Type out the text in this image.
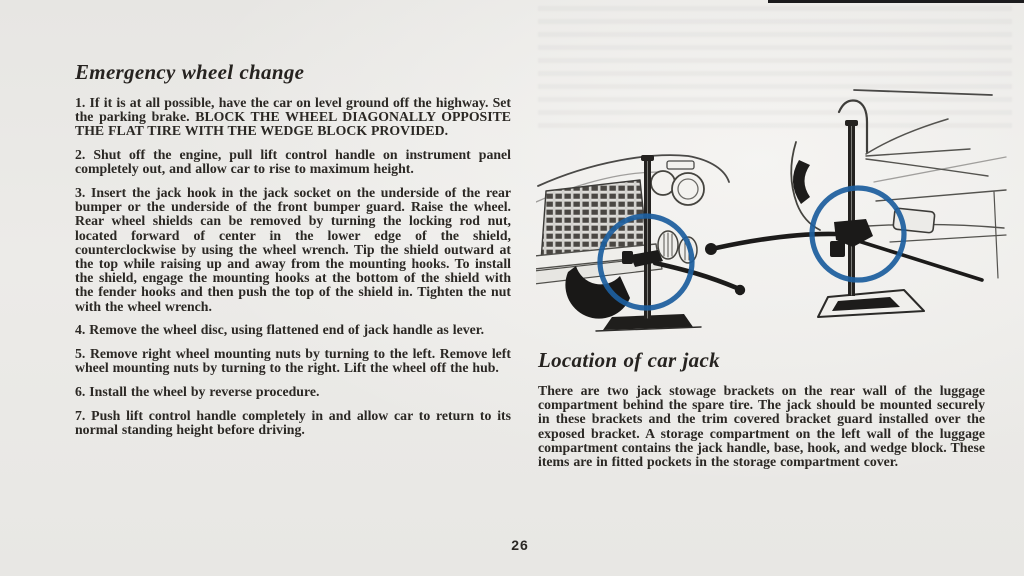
Emergency wheel change

1. If it is at all possible, have the car on level ground off the highway. Set the parking brake. BLOCK THE WHEEL DIAGONALLY OPPOSITE THE FLAT TIRE WITH THE WEDGE BLOCK PROVIDED.

2. Shut off the engine, pull lift control handle on instrument panel completely out, and allow car to rise to maximum height.

3. Insert the jack hook in the jack socket on the underside of the rear bumper or the underside of the front bumper guard. Raise the wheel. Rear wheel shields can be removed by turning the locking rod nut, located forward of center in the lower edge of the shield, counterclockwise by using the wheel wrench. Tip the shield outward at the top while raising up and away from the mounting hooks. To install the shield, engage the mounting hooks at the bottom of the shield with the fender hooks and then push the top of the shield in. Tighten the nut with the wheel wrench.

4. Remove the wheel disc, using flattened end of jack handle as lever.

5. Remove right wheel mounting nuts by turning to the left. Remove left wheel mounting nuts by turning to the right. Lift the wheel off the hub.

6. Install the wheel by reverse procedure.

7. Push lift control handle completely in and allow car to return to its normal standing height before driving.

Location of car jack

There are two jack stowage brackets on the rear wall of the luggage compartment behind the spare tire. The jack should be mounted securely in these brackets and the trim covered bracket guard installed over the exposed bracket. A storage compartment on the left wall of the luggage compartment contains the jack handle, base, hook, and wedge block. These items are in fitted pockets in the storage compartment cover.

26
